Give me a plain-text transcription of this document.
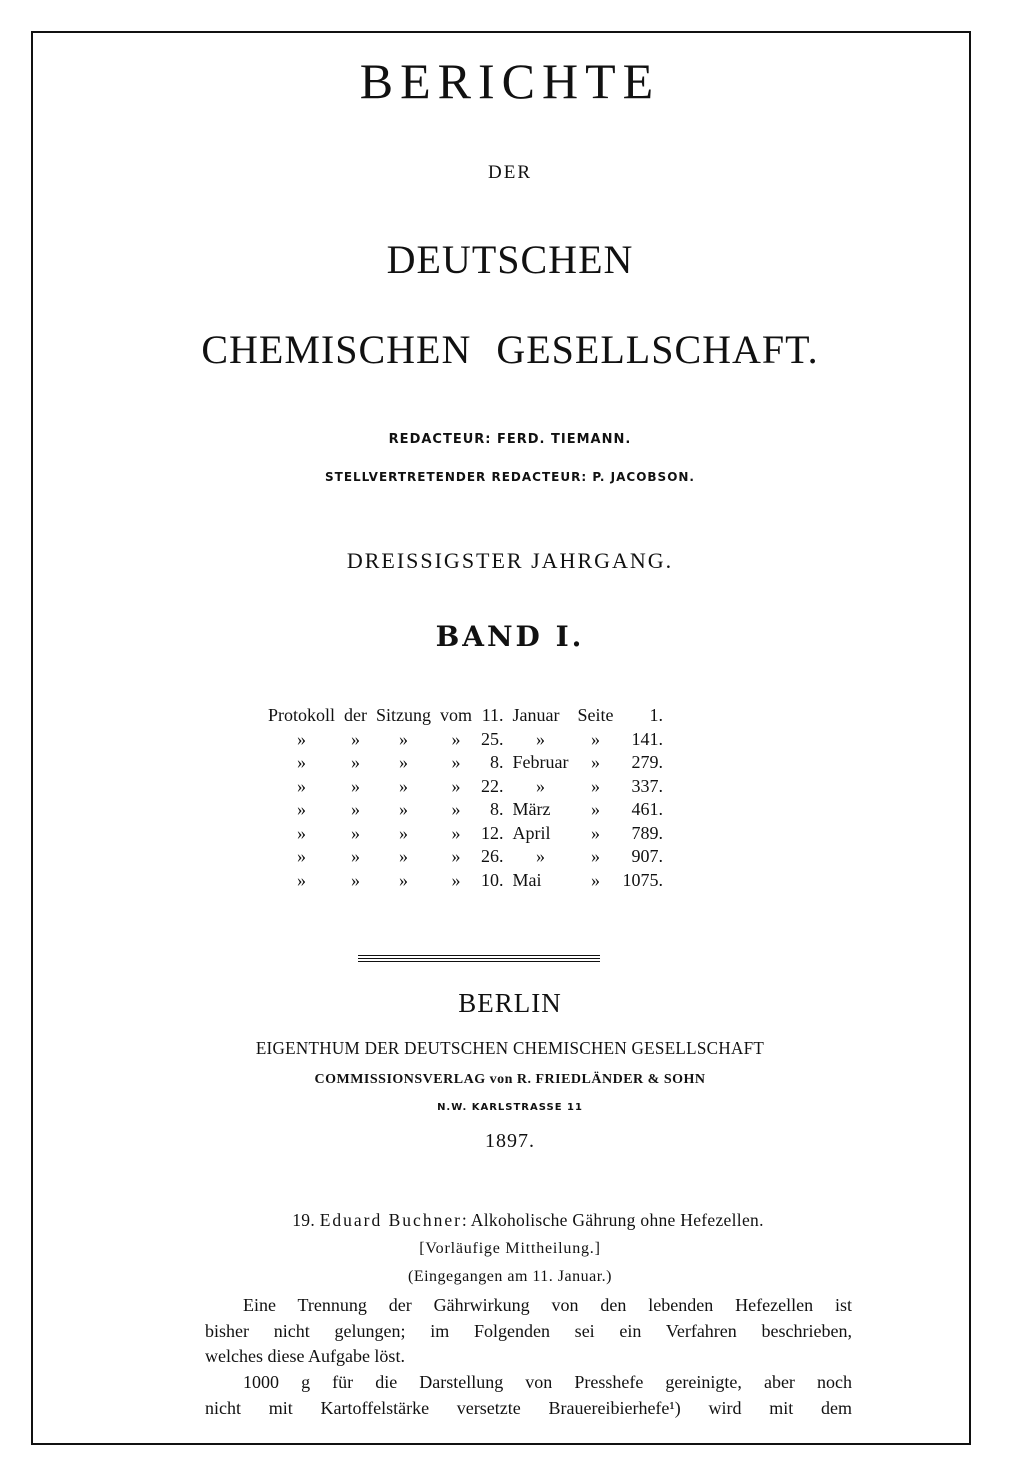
BERICHTE
DER
DEUTSCHEN
CHEMISCHEN GESELLSCHAFT.
REDACTEUR: FERD. TIEMANN.
STELLVERTRETENDER REDACTEUR: P. JACOBSON.
DREISSIGSTER JAHRGANG.
BAND I.
Protokoll	der	Sitzung	vom	11.	Januar	Seite	1.
»	»	»	»	25.	»	»	141.
»	»	»	»	8.	Februar	»	279.
»	»	»	»	22.	»	»	337.
»	»	»	»	8.	März	»	461.
»	»	»	»	12.	April	»	789.
»	»	»	»	26.	»	»	907.
»	»	»	»	10.	Mai	»	1075.
BERLIN
EIGENTHUM DER DEUTSCHEN CHEMISCHEN GESELLSCHAFT
COMMISSIONSVERLAG von R. FRIEDLÄNDER & SOHN
N.W. KARLSTRASSE 11
1897.
19. Eduard Buchner: Alkoholische Gährung ohne Hefezellen.
[Vorläufige Mittheilung.]
(Eingegangen am 11. Januar.)
Eine Trennung der Gährwirkung von den lebenden Hefezellen ist
bisher nicht gelungen; im Folgenden sei ein Verfahren beschrieben,
welches diese Aufgabe löst.
1000 g für die Darstellung von Presshefe gereinigte, aber noch
nicht mit Kartoffelstärke versetzte Brauereibierhefe¹) wird mit dem
